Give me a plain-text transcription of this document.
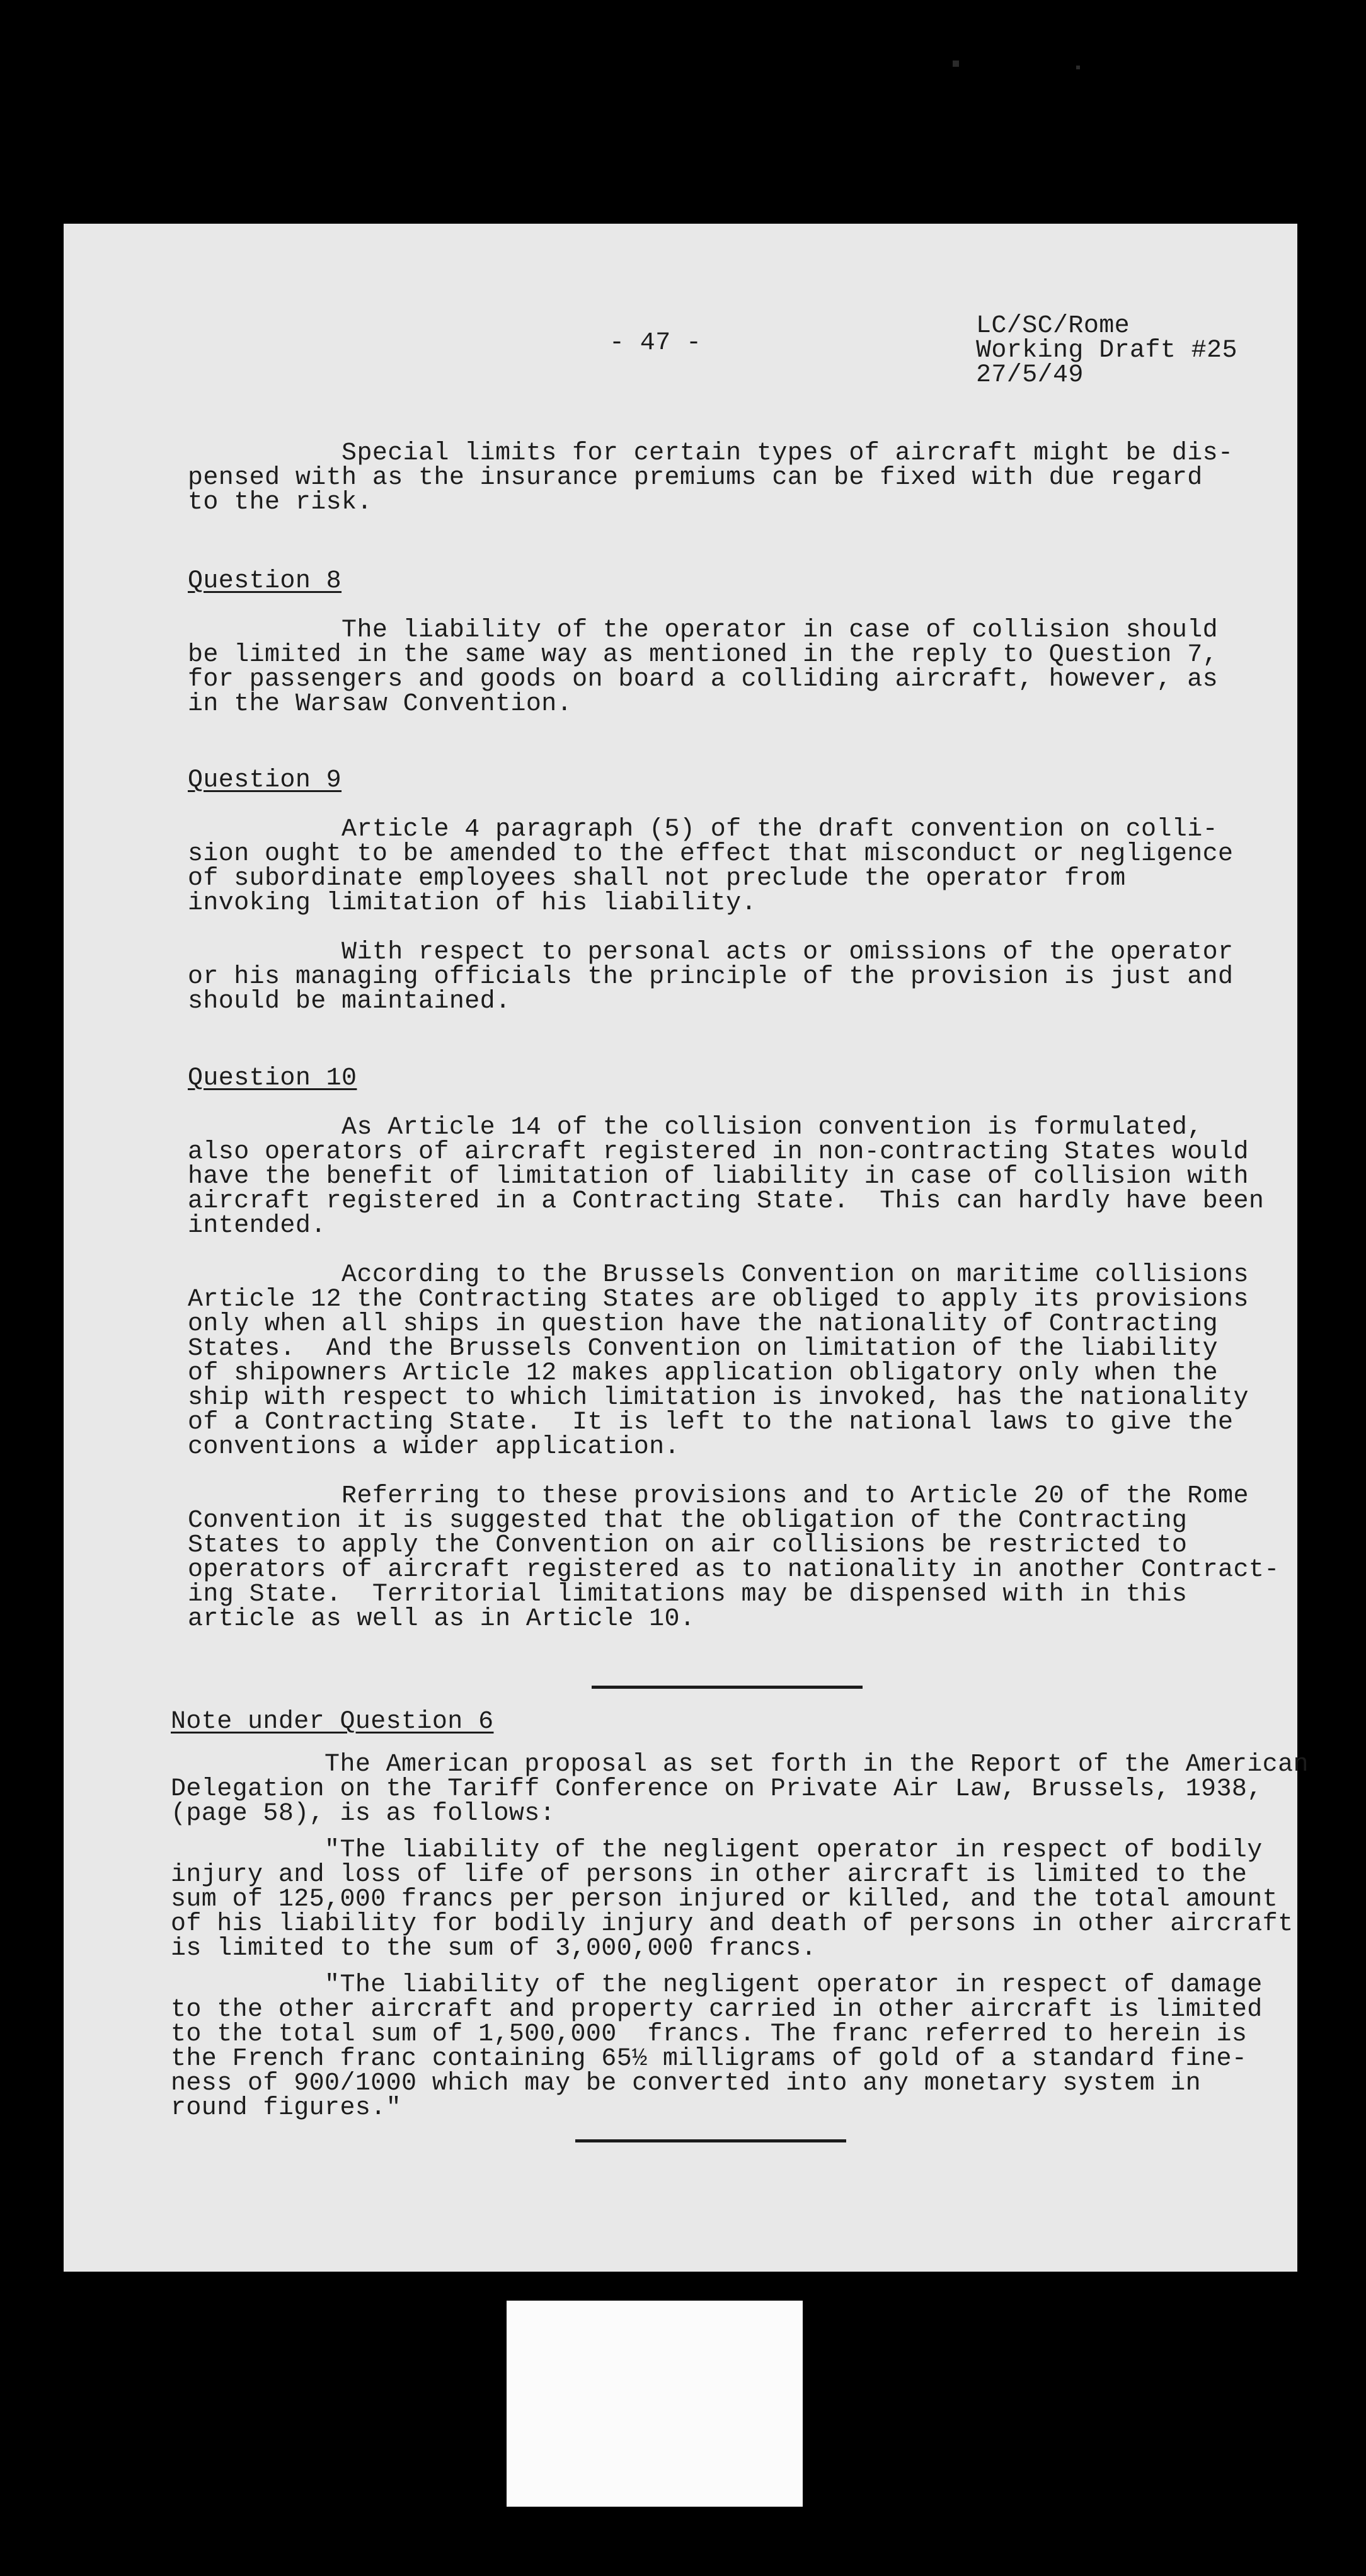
- 47 -

LC/SC/Rome

Working Draft #25

27/5/49

Special limits for certain types of aircraft might be dis-

pensed with as the insurance premiums can be fixed with due regard

to the risk.

Question 8

The liability of the operator in case of collision should

be limited in the same way as mentioned in the reply to Question 7,

for passengers and goods on board a colliding aircraft, however, as

in the Warsaw Convention.

Question 9

Article 4 paragraph (5) of the draft convention on colli-

sion ought to be amended to the effect that misconduct or negligence

of subordinate employees shall not preclude the operator from

invoking limitation of his liability.

With respect to personal acts or omissions of the operator

or his managing officials the principle of the provision is just and

should be maintained.

Question 10

As Article 14 of the collision convention is formulated,

also operators of aircraft registered in non-contracting States would

have the benefit of limitation of liability in case of collision with

aircraft registered in a Contracting State.  This can hardly have been

intended.

According to the Brussels Convention on maritime collisions

Article 12 the Contracting States are obliged to apply its provisions

only when all ships in question have the nationality of Contracting

States.  And the Brussels Convention on limitation of the liability

of shipowners Article 12 makes application obligatory only when the

ship with respect to which limitation is invoked, has the nationality

of a Contracting State.  It is left to the national laws to give the

conventions a wider application.

Referring to these provisions and to Article 20 of the Rome

Convention it is suggested that the obligation of the Contracting

States to apply the Convention on air collisions be restricted to

operators of aircraft registered as to nationality in another Contract-

ing State.  Territorial limitations may be dispensed with in this

article as well as in Article 10.

Note under Question 6

The American proposal as set forth in the Report of the American

Delegation on the Tariff Conference on Private Air Law, Brussels, 1938,

(page 58), is as follows:

"The liability of the negligent operator in respect of bodily

injury and loss of life of persons in other aircraft is limited to the

sum of 125,000 francs per person injured or killed, and the total amount

of his liability for bodily injury and death of persons in other aircraft

is limited to the sum of 3,000,000 francs.

"The liability of the negligent operator in respect of damage

to the other aircraft and property carried in other aircraft is limited

to the total sum of 1,500,000  francs. The franc referred to herein is

the French franc containing 65½ milligrams of gold of a standard fine-

ness of 900/1000 which may be converted into any monetary system in

round figures."
